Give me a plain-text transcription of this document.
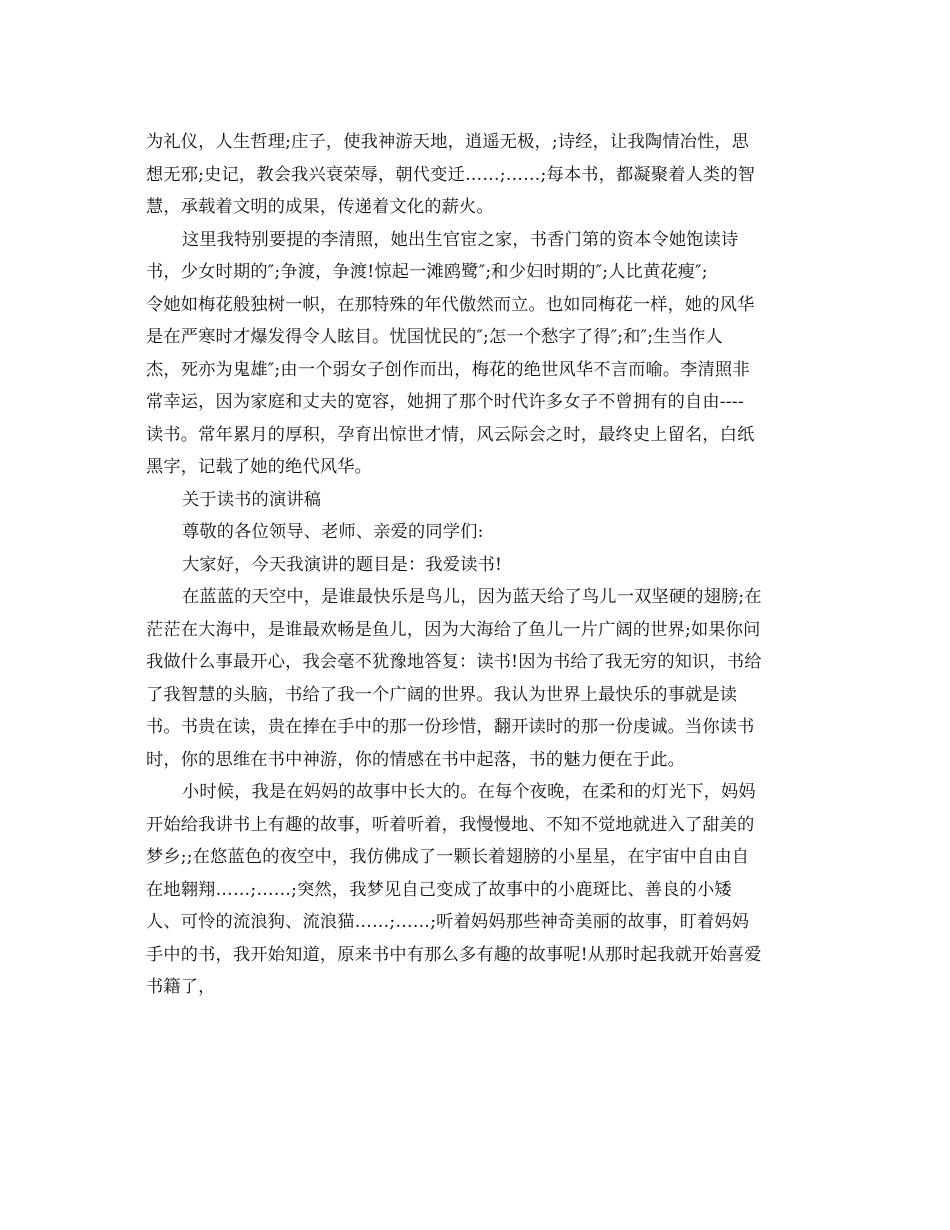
为礼仪，人生哲理;庄子，使我神游天地，逍遥无极，;诗经，让我陶情冶性，思
想无邪;史记，教会我兴衰荣辱，朝代变迁……;……;每本书，都凝聚着人类的智
慧，承载着文明的成果，传递着文化的薪火。
这里我特别要提的李清照，她出生官宦之家，书香门第的资本令她饱读诗
书，少女时期的″;争渡，争渡!惊起一滩鸥鹭″;和少妇时期的″;人比黄花瘦″;
令她如梅花般独树一帜，在那特殊的年代傲然而立。也如同梅花一样，她的风华
是在严寒时才爆发得令人眩目。忧国忧民的″;怎一个愁字了得″;和″;生当作人
杰，死亦为鬼雄″;由一个弱女子创作而出，梅花的绝世风华不言而喻。李清照非
常幸运，因为家庭和丈夫的宽容，她拥了那个时代许多女子不曾拥有的自由----
读书。常年累月的厚积，孕育出惊世才情，风云际会之时，最终史上留名，白纸
黑字，记载了她的绝代风华。
关于读书的演讲稿
尊敬的各位领导、老师、亲爱的同学们:
大家好，今天我演讲的题目是：我爱读书!
在蓝蓝的天空中，是谁最快乐是鸟儿，因为蓝天给了鸟儿一双坚硬的翅膀;在
茫茫在大海中，是谁最欢畅是鱼儿，因为大海给了鱼儿一片广阔的世界;如果你问
我做什么事最开心，我会毫不犹豫地答复：读书!因为书给了我无穷的知识，书给
了我智慧的头脑，书给了我一个广阔的世界。我认为世界上最快乐的事就是读
书。书贵在读，贵在捧在手中的那一份珍惜，翻开读时的那一份虔诚。当你读书
时，你的思维在书中神游，你的情感在书中起落，书的魅力便在于此。
小时候，我是在妈妈的故事中长大的。在每个夜晚，在柔和的灯光下，妈妈
开始给我讲书上有趣的故事，听着听着，我慢慢地、不知不觉地就进入了甜美的
梦乡;;在悠蓝色的夜空中，我仿佛成了一颗长着翅膀的小星星，在宇宙中自由自
在地翱翔……;……;突然，我梦见自己变成了故事中的小鹿斑比、善良的小矮
人、可怜的流浪狗、流浪猫……;……;听着妈妈那些神奇美丽的故事，盯着妈妈
手中的书，我开始知道，原来书中有那么多有趣的故事呢!从那时起我就开始喜爱
书籍了，
